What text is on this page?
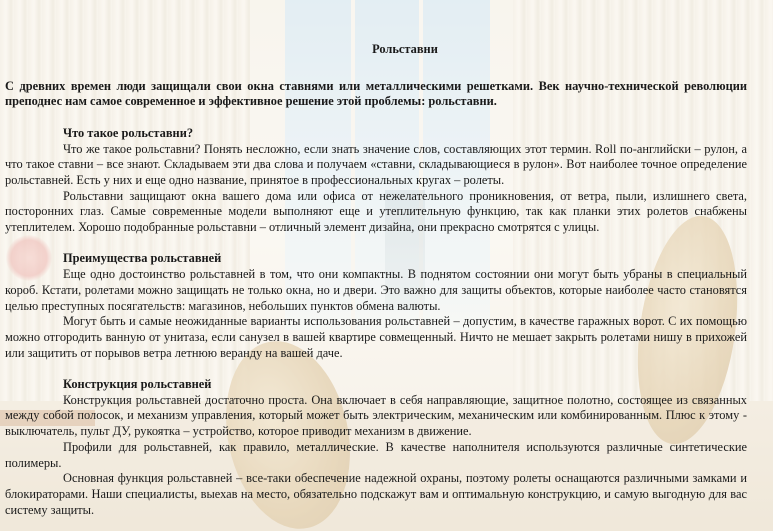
Рольставни

С древних времен люди защищали свои окна ставнями или металлическими решетками. Век научно-технической революции преподнес нам самое современное и эффективное решение этой проблемы: рольставни.

Что такое рольставни?

Что же такое рольставни? Понять несложно, если знать значение слов, составляющих этот термин. Roll по-английски – рулон, а что такое ставни – все знают. Складываем эти два слова и получаем «ставни, складывающиеся в рулон». Вот наиболее точное определение рольставней. Есть у них и еще одно название, принятое в профессиональных кругах – ролеты.

Рольставни защищают окна вашего дома или офиса от нежелательного проникновения, от ветра, пыли, излишнего света, посторонних глаз. Самые современные модели выполняют еще и утеплительную функцию, так как планки этих ролетов снабжены утеплителем. Хорошо подобранные рольставни – отличный элемент дизайна, они прекрасно смотрятся с улицы.

Преимущества рольставней

Еще одно достоинство рольставней в том, что они компактны. В поднятом состоянии они могут быть убраны в специальный короб. Кстати, ролетами можно защищать не только окна, но и двери. Это важно для защиты объектов, которые наиболее часто становятся целью преступных посягательств: магазинов, небольших пунктов обмена валюты.

Могут быть и самые неожиданные варианты использования рольставней – допустим, в качестве гаражных ворот. С их помощью можно отгородить ванную от унитаза, если санузел в вашей квартире совмещенный. Ничто не мешает закрыть ролетами нишу в прихожей или защитить от порывов ветра летнюю веранду на вашей даче.

Конструкция рольставней

Конструкция рольставней достаточно проста. Она включает в себя направляющие, защитное полотно, состоящее из связанных между собой полосок, и механизм управления, который может быть электрическим, механическим или комбинированным. Плюс к этому - выключатель, пульт ДУ, рукоятка – устройство, которое приводит механизм в движение.

Профили для рольставней, как правило, металлические. В качестве наполнителя используются различные синтетические полимеры.

Основная функция рольставней – все-таки обеспечение надежной охраны, поэтому ролеты оснащаются различными замками и блокираторами. Наши специалисты, выехав на место, обязательно подскажут вам и оптимальную конструкцию, и самую выгодную для вас систему защиты.
